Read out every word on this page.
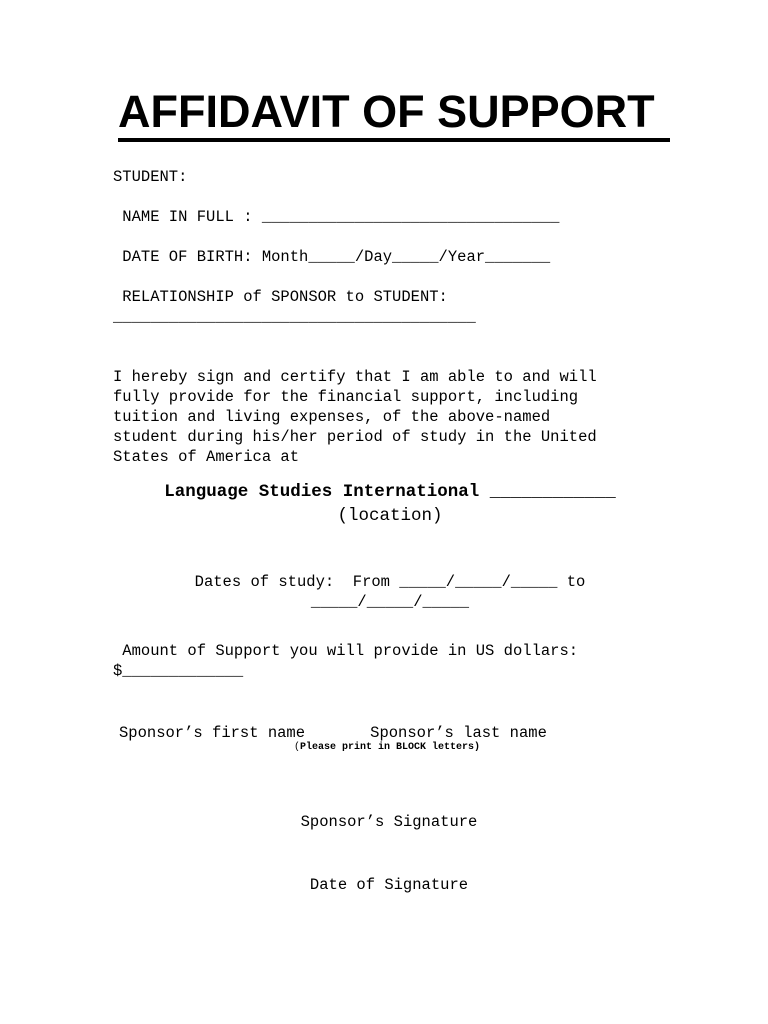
AFFIDAVIT OF SUPPORT
STUDENT:
NAME IN FULL : ________________________________
DATE OF BIRTH: Month_____/Day_____/Year_______
RELATIONSHIP of SPONSOR to STUDENT:
_______________________________________
I hereby sign and certify that I am able to and will
fully provide for the financial support, including
tuition and living expenses, of the above-named
student during his/her period of study in the United
States of America at
Language Studies International ____________
(location)
Dates of study:  From _____/_____/_____ to
_____/_____/_____
Amount of Support you will provide in US dollars:
$_____________
Sponsor’s first name       Sponsor’s last name
(Please print in BLOCK letters)
Sponsor’s Signature
Date of Signature
